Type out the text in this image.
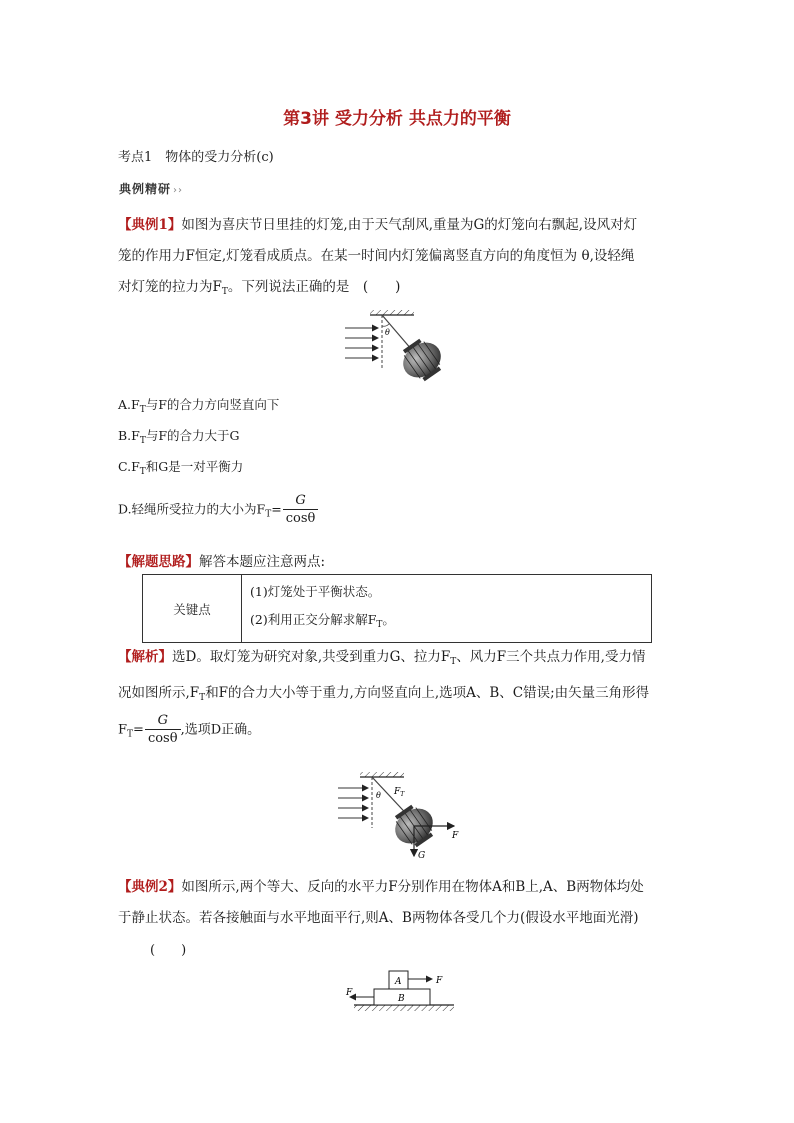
第3讲 受力分析 共点力的平衡
考点1　物体的受力分析(c)
典例精研 ››
【典例1】如图为喜庆节日里挂的灯笼,由于天气刮风,重量为G的灯笼向右飘起,设风对灯
笼的作用力F恒定,灯笼看成质点。在某一时间内灯笼偏离竖直方向的角度恒为 θ,设轻绳
对灯笼的拉力为$F_T$。下列说法正确的是　(　　)
θ
$A.F_T$与F的合力方向竖直向下
$B.F_T$与F的合力大于G
$C.F_T$和G是一对平衡力
D.轻绳所受拉力的大小为$F_T= \frac{G}{\cos\theta}$
【解题思路】解答本题应注意两点:
关键点	
(1)灯笼处于平衡状态。
(2)利用正交分解求解$F_T$。
【解析】选D。取灯笼为研究对象,共受到重力G、拉力$F_T$、风力F三个共点力作用,受力情
况如图所示$,F_T$和F的合力大小等于重力,方向竖直向上,选项A、B、C错误;由矢量三角形得
$F_T= \frac{G}{\cos\theta}$ ,选项D正确。
θ $F_T$
F
G
【典例2】如图所示,两个等大、反向的水平力F分别作用在物体A和B上,A、B两物体均处
于静止状态。若各接触面与水平地面平行,则A、B两物体各受几个力(假设水平地面光滑)
(　　)
A
B
F
F
